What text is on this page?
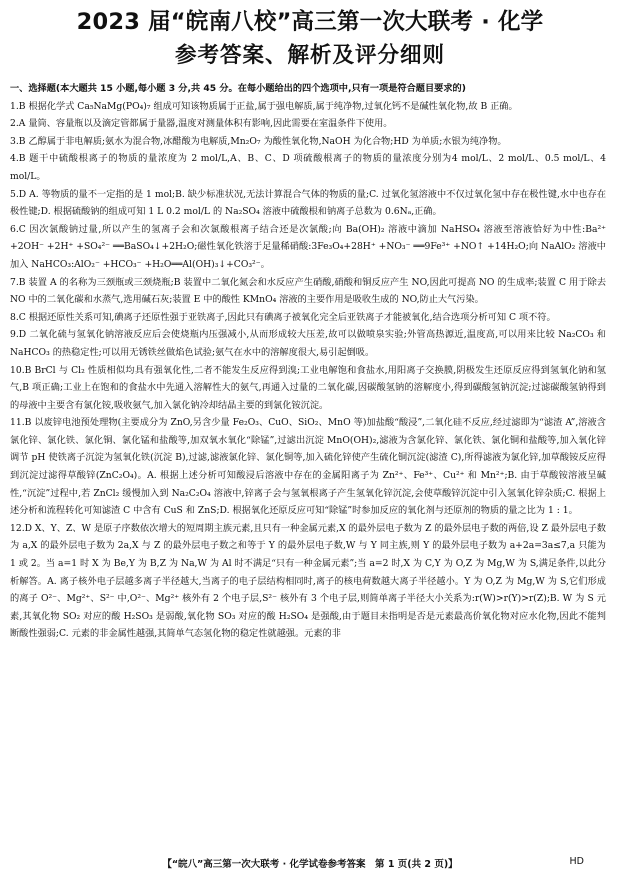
2023 届“皖南八校”高三第一次大联考 · 化学
参考答案、解析及评分细则
一、选择题(本大题共 15 小题,每小题 3 分,共 45 分。在每小题给出的四个选项中,只有一项是符合题目要求的)
1.B 根据化学式 Ca₅NaMg(PO₄)₇ 组成可知该物质属于正盐,属于强电解质,属于纯净物,过氧化钙不是碱性氧化物,故 B 正确。
2.A 量筒、容量瓶以及滴定管都属于量器,温度对测量体积有影响,因此需要在室温条件下使用。
3.B 乙醇属于非电解质;氨水为混合物,冰醋酸为电解质,Mn₂O₇ 为酸性氧化物,NaOH 为化合物;HD 为单质;水银为纯净物。
4.B 题干中硫酸根离子的物质的量浓度为 2 mol/L,A、B、C、D 项硫酸根离子的物质的量浓度分别为4 mol/L、2 mol/L、0.5 mol/L、4 mol/L。
5.D A. 等物质的量不一定指的是 1 mol;B. 缺少标准状况,无法计算混合气体的物质的量;C. 过氧化氢溶液中不仅过氧化氢中存在极性键,水中也存在极性键;D. 根据硫酸钠的组成可知 1 L 0.2 mol/L 的 Na₂SO₄ 溶液中硫酸根和钠离子总数为 0.6Nₐ,正确。
6.C 因次氯酸钠过量,所以产生的氢离子会和次氯酸根离子结合还是次氯酸;向 Ba(OH)₂ 溶液中滴加 NaHSO₄ 溶液至溶液恰好为中性:Ba²⁺ +2OH⁻ +2H⁺ +SO₄²⁻ ══BaSO₄↓+2H₂O;磁性氧化铁溶于足量稀硝酸:3Fe₃O₄+28H⁺ +NO₃⁻ ══9Fe³⁺ +NO↑ +14H₂O;向 NaAlO₂ 溶液中加入 NaHCO₃:AlO₂⁻ +HCO₃⁻ +H₂O══Al(OH)₃↓+CO₃²⁻。
7.B 装置 A 的名称为三颈瓶或三颈烧瓶;B 装置中二氧化氮会和水反应产生硝酸,硝酸和铜反应产生 NO,因此可提高 NO 的生成率;装置 C 用于除去 NO 中的二氧化碳和水蒸气,选用碱石灰;装置 E 中的酸性 KMnO₄ 溶液的主要作用是吸收生成的 NO,防止大气污染。
8.C 根据还原性关系可知,碘离子还原性强于亚铁离子,因此只有碘离子被氧化完全后亚铁离子才能被氧化,结合选项分析可知 C 项不符。
9.D 二氧化硫与氢氧化钠溶液反应后会使烧瓶内压强减小,从而形成较大压差,故可以做喷泉实验;外管高热源近,温度高,可以用来比较 Na₂CO₃ 和 NaHCO₃ 的热稳定性;可以用无锈铁丝做焰色试验;氨气在水中的溶解度很大,易引起倒吸。
10.B BrCl 与 Cl₂ 性质相似均具有强氧化性,二者不能发生反应得到溴;工业电解饱和食盐水,用阳离子交换膜,阴极发生还原反应得到氢氧化钠和氢气,B 项正确;工业上在饱和的食盐水中先通入溶解性大的氨气,再通入过量的二氧化碳,因碳酸氢钠的溶解度小,得到碳酸氢钠沉淀;过滤碳酸氢钠得到的母液中主要含有氯化铵,吸收氨气,加入氯化钠冷却结晶主要的到氯化铵沉淀。
11.B 以废锌电池预处理物(主要成分为 ZnO,另含少量 Fe₂O₃、CuO、SiO₂、MnO 等)加盐酸“酸浸”,二氧化硅不反应,经过滤即为“滤渣 A”,溶液含氯化锌、氯化铁、氯化铜、氯化锰和盐酸等,加双氧水氧化“除锰”,过滤出沉淀 MnO(OH)₂,滤液为含氯化锌、氯化铁、氯化铜和盐酸等,加入氧化锌调节 pH 使铁离子沉淀为氢氧化铁(沉淀 B),过滤,滤液氯化锌、氯化铜等,加入硫化锌使产生硫化铜沉淀(滤渣 C),所得滤液为氯化锌,加草酸铵反应得到沉淀过滤得草酸锌(ZnC₂O₄)。A. 根据上述分析可知酸浸后溶液中存在的金属阳离子为 Zn²⁺、Fe³⁺、Cu²⁺ 和 Mn²⁺;B. 由于草酸铵溶液呈碱性,“沉淀”过程中,若 ZnCl₂ 缓慢加入到 Na₂C₂O₄ 溶液中,锌离子会与氢氧根离子产生氢氧化锌沉淀,会使草酸锌沉淀中引入氢氧化锌杂质;C. 根据上述分析和流程转化可知滤渣 C 中含有 CuS 和 ZnS;D. 根据氧化还原反应可知“除锰”时参加反应的氧化剂与还原剂的物质的量之比为 1 : 1。
12.D X、Y、Z、W 是原子序数依次增大的短周期主族元素,且只有一种金属元素,X 的最外层电子数为 Z 的最外层电子数的两倍,设 Z 最外层电子数为 a,X 的最外层电子数为 2a,X 与 Z 的最外层电子数之和等于 Y 的最外层电子数,W 与 Y 同主族,则 Y 的最外层电子数为 a+2a=3a≤7,a 只能为 1 或 2。当 a=1 时 X 为 Be,Y 为 B,Z 为 Na,W 为 Al 时不满足“只有一种金属元素”;当 a=2 时,X 为 C,Y 为 O,Z 为 Mg,W 为 S,满足条件,以此分析解答。A. 离子核外电子层越多离子半径越大,当离子的电子层结构相同时,离子的核电荷数越大离子半径越小。Y 为 O,Z 为 Mg,W 为 S,它们形成的离子 O²⁻、Mg²⁺、S²⁻ 中,O²⁻、Mg²⁺ 核外有 2 个电子层,S²⁻ 核外有 3 个电子层,则简单离子半径大小关系为:r(W)>r(Y)>r(Z);B. W 为 S 元素,其氧化物 SO₂ 对应的酸 H₂SO₃ 是弱酸,氧化物 SO₃ 对应的酸 H₂SO₄ 是强酸,由于题目未指明是否是元素最高价氧化物对应水化物,因此不能判断酸性强弱;C. 元素的非金属性越强,其简单气态氢化物的稳定性就越强。元素的非
【“皖八”高三第一次大联考 · 化学试卷参考答案　第 1 页(共 2 页)】	HD
